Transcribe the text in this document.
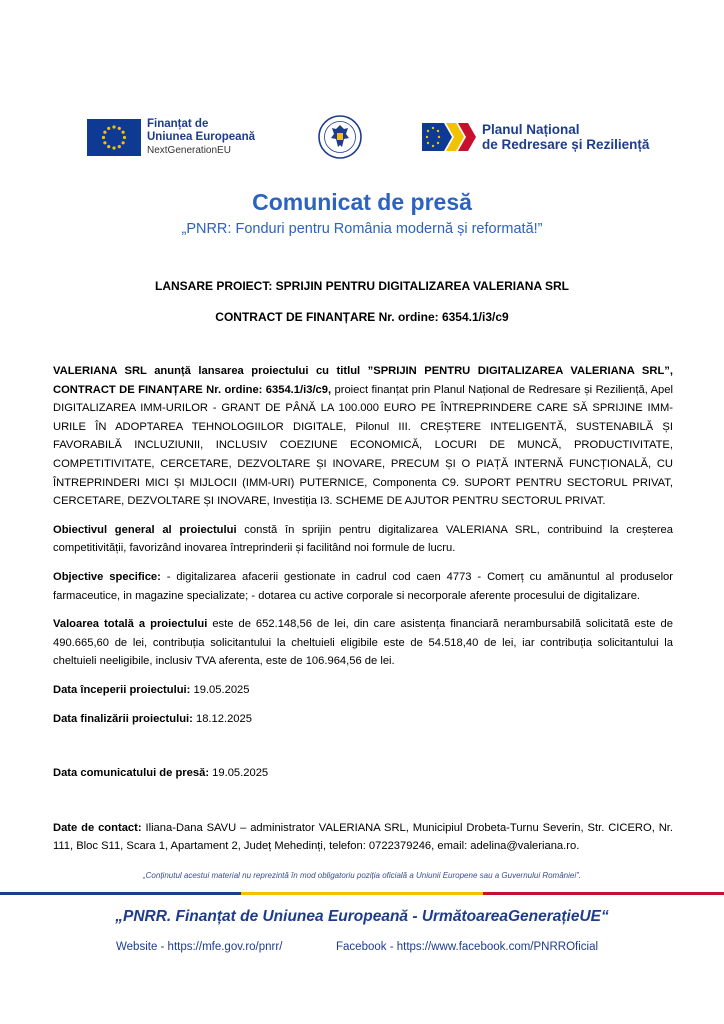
Finanțat de
Uniunea Europeană
NextGenerationEU
Planul Național
de Redresare și Reziliență
Comunicat de presă
„PNRR: Fonduri pentru România modernă și reformată!”
LANSARE PROIECT: SPRIJIN PENTRU DIGITALIZAREA VALERIANA SRL
CONTRACT DE FINANȚARE Nr. ordine: 6354.1/i3/c9

VALERIANA SRL anunță lansarea proiectului cu titlul ”SPRIJIN PENTRU DIGITALIZAREA VALERIANA SRL”, CONTRACT DE FINANȚARE Nr. ordine: 6354.1/i3/c9, proiect finanțat prin Planul Național de Redresare și Reziliență, Apel DIGITALIZAREA IMM-URILOR - GRANT DE PÂNĂ LA 100.000 EURO PE ÎNTREPRINDERE CARE SĂ SPRIJINE IMM-URILE ÎN ADOPTAREA TEHNOLOGIILOR DIGITALE, Pilonul III. CREȘTERE INTELIGENTĂ, SUSTENABILĂ ȘI FAVORABILĂ INCLUZIUNII, INCLUSIV COEZIUNE ECONOMICĂ, LOCURI DE MUNCĂ, PRODUCTIVITATE, COMPETITIVITATE, CERCETARE, DEZVOLTARE ȘI INOVARE, PRECUM ȘI O PIAȚĂ INTERNĂ FUNCȚIONALĂ, CU ÎNTREPRINDERI MICI ȘI MIJLOCII (IMM-URI) PUTERNICE, Componenta C9. SUPORT PENTRU SECTORUL PRIVAT, CERCETARE, DEZVOLTARE ȘI INOVARE, Investiția I3. SCHEME DE AJUTOR PENTRU SECTORUL PRIVAT.

Obiectivul general al proiectului constă în sprijin pentru digitalizarea VALERIANA SRL, contribuind la creșterea competitivității, favorizând inovarea întreprinderii și facilitând noi formule de lucru.

Objective specifice: - digitalizarea afacerii gestionate in cadrul cod caen 4773 - Comerț cu amănuntul al produselor farmaceutice, in magazine specializate; - dotarea cu active corporale si necorporale aferente procesului de digitalizare.

Valoarea totală a proiectului este de 652.148,56 de lei, din care asistența financiară nerambursabilă solicitată este de 490.665,60 de lei, contribuția solicitantului la cheltuieli eligibile este de 54.518,40 de lei, iar contribuția solicitantului la cheltuieli neeligibile, inclusiv TVA aferenta, este de 106.964,56 de lei.

Data începerii proiectului: 19.05.2025

Data finalizării proiectului: 18.12.2025

Data comunicatului de presă: 19.05.2025

Date de contact: Iliana-Dana SAVU – administrator VALERIANA SRL, Municipiul Drobeta-Turnu Severin, Str. CICERO, Nr. 111, Bloc S11, Scara 1, Apartament 2, Județ Mehedinți, telefon: 0722379246, email: adelina@valeriana.ro.

„Conținutul acestui material nu reprezintă în mod obligatoriu poziția oficială a Uniunii Europene sau a Guvernului României”.
„PNRR. Finanțat de Uniunea Europeană - UrmătoareaGenerațieUE“
Website - https://mfe.gov.ro/pnrr/	Facebook - https://www.facebook.com/PNRROficial
